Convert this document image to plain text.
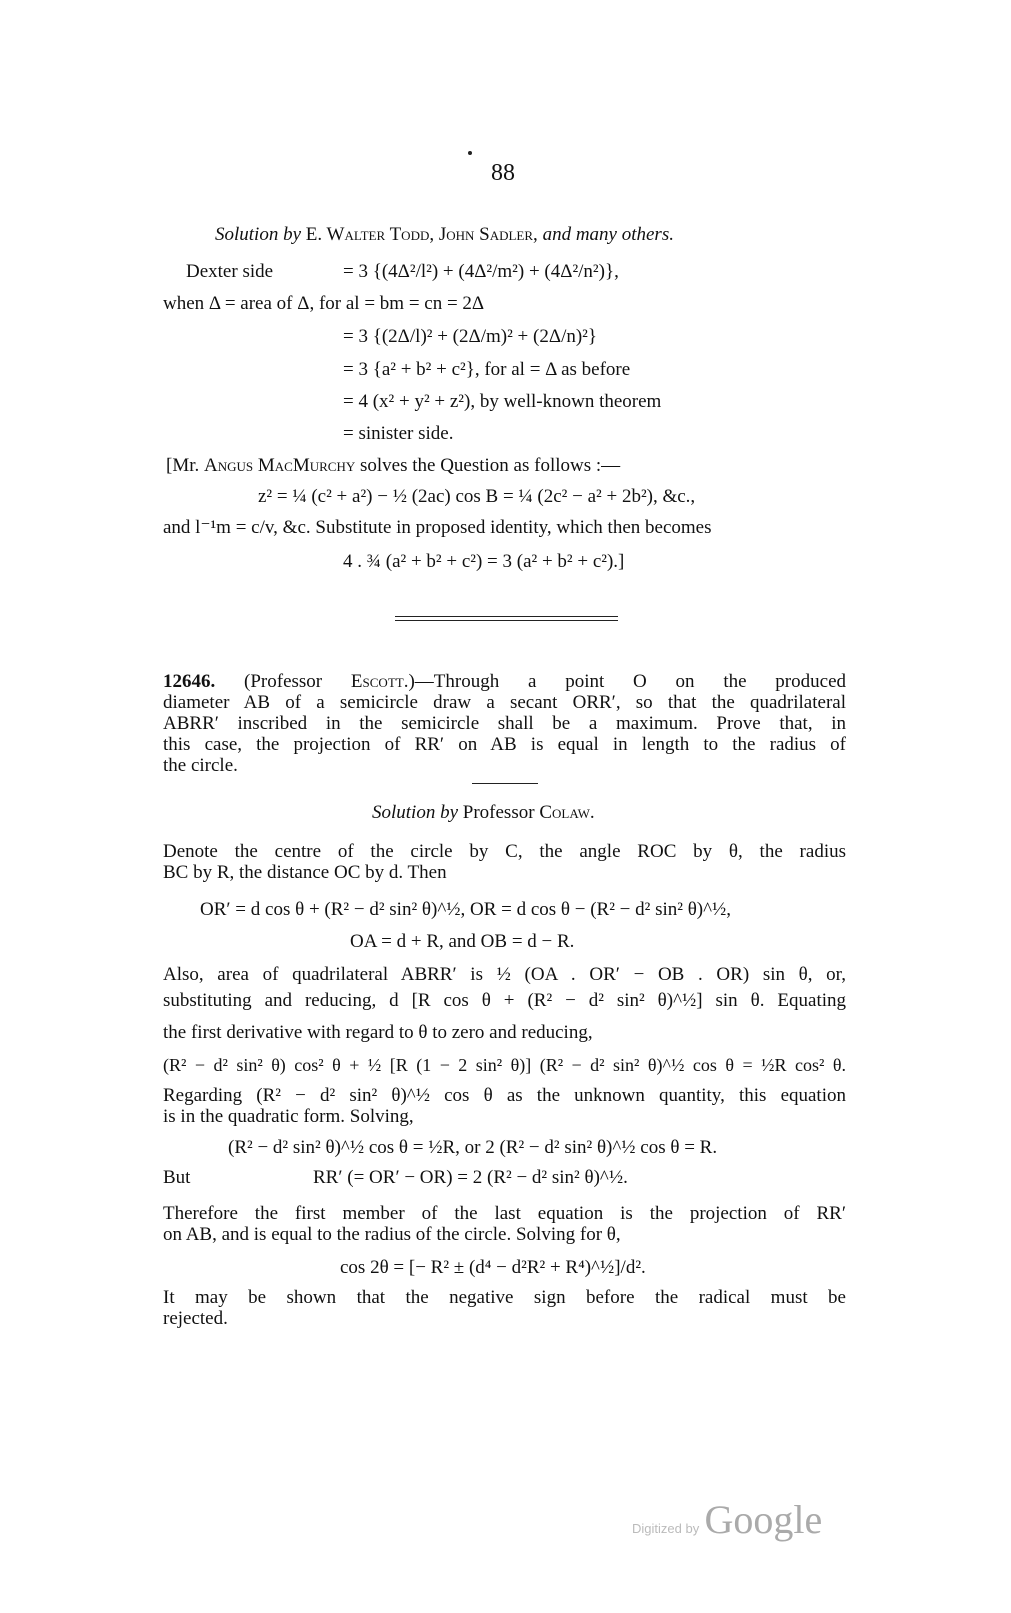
88
Solution by E. Walter Todd, John Sadler, and many others.
Dexter side	= 3 {(4Δ²/l²) + (4Δ²/m²) + (4Δ²/n²)},
when Δ = area of Δ, for al = bm = cn = 2Δ
= 3 {(2Δ/l)² + (2Δ/m)² + (2Δ/n)²}
= 3 {a² + b² + c²}, for al = Δ as before
= 4 (x² + y² + z²), by well-known theorem
= sinister side.
[Mr. Angus MacMurchy solves the Question as follows :—
z² = ¼ (c² + a²) − ½ (2ac) cos B = ¼ (2c² − a² + 2b²), &c.,
and l⁻¹m = c/v, &c. Substitute in proposed identity, which then becomes
4 . ¾ (a² + b² + c²) = 3 (a² + b² + c²).]
12646. (Professor Escott.)—Through a point O on the produced
diameter AB of a semicircle draw a secant ORR′, so that the quadrilateral
ABRR′ inscribed in the semicircle shall be a maximum. Prove that, in
this case, the projection of RR′ on AB is equal in length to the radius of
the circle.
Solution by Professor Colaw.
Denote the centre of the circle by C, the angle ROC by θ, the radius
BC by R, the distance OC by d. Then
OR′ = d cos θ + (R² − d² sin² θ)^½, OR = d cos θ − (R² − d² sin² θ)^½,
OA = d + R, and OB = d − R.
Also, area of quadrilateral ABRR′ is ½ (OA . OR′ − OB . OR) sin θ, or,
substituting and reducing, d [R cos θ + (R² − d² sin² θ)^½] sin θ. Equating
the first derivative with regard to θ to zero and reducing,
(R² − d² sin² θ) cos² θ + ½ [R (1 − 2 sin² θ)] (R² − d² sin² θ)^½ cos θ = ½R cos² θ.
Regarding (R² − d² sin² θ)^½ cos θ as the unknown quantity, this equation
is in the quadratic form. Solving,
(R² − d² sin² θ)^½ cos θ = ½R, or 2 (R² − d² sin² θ)^½ cos θ = R.
But	RR′ (= OR′ − OR) = 2 (R² − d² sin² θ)^½.
Therefore the first member of the last equation is the projection of RR′
on AB, and is equal to the radius of the circle. Solving for θ,
cos 2θ = [− R² ± (d⁴ − d²R² + R⁴)^½]/d².
It may be shown that the negative sign before the radical must be
rejected.
Digitized by Google
